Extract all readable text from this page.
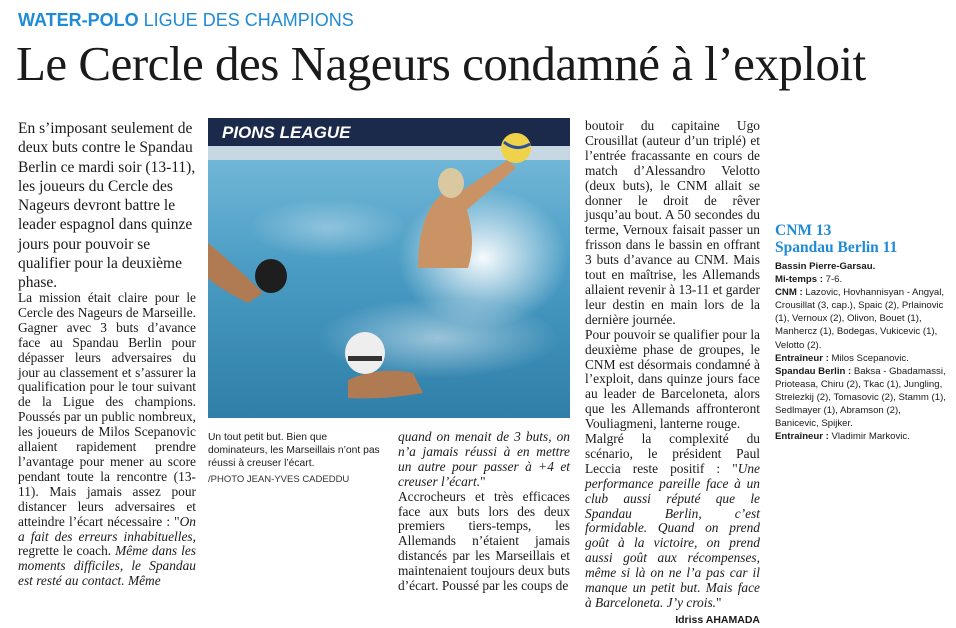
WATER-POLO LIGUE DES CHAMPIONS
Le Cercle des Nageurs condamné à l’exploit
En s’imposant seulement de deux buts contre le Spandau Berlin ce mardi soir (13-11), les joueurs du Cercle des Nageurs devront battre le leader espagnol dans quinze jours pour pouvoir se qualifier pour la deuxième phase.
La mission était claire pour le Cercle des Nageurs de Marseille. Gagner avec 3 buts d’avance face au Spandau Berlin pour dépasser leurs adversaires du jour au classement et s’assurer la qualification pour le tour suivant de la Ligue des champions. Poussés par un public nombreux, les joueurs de Milos Scepanovic allaient rapidement prendre l’avantage pour mener au score pendant toute la rencontre (13-11). Mais jamais assez pour distancer leurs adversaires et atteindre l’écart nécessaire : "On a fait des erreurs inhabituelles, regrette le coach. Même dans les moments difficiles, le Spandau est resté au contact. Même
PIONS LEAGUE
Un tout petit but. Bien que dominateurs, les Marseillais n’ont pas réussi à creuser l’écart.
/PHOTO JEAN-YVES CADEDDU
quand on menait de 3 buts, on n’a jamais réussi à en mettre un autre pour passer à +4 et creuser l’écart."
Accrocheurs et très efficaces face aux buts lors des deux premiers tiers-temps, les Allemands n’étaient jamais distancés par les Marseillais et maintenaient toujours deux buts d’écart. Poussé par les coups de
boutoir du capitaine Ugo Crousillat (auteur d’un triplé) et l’entrée fracassante en cours de match d’Alessandro Velotto (deux buts), le CNM allait se donner le droit de rêver jusqu’au bout. A 50 secondes du terme, Vernoux faisait passer un frisson dans le bassin en offrant 3 buts d’avance au CNM. Mais tout en maîtrise, les Allemands allaient revenir à 13-11 et garder leur destin en main lors de la dernière journée.
Pour pouvoir se qualifier pour la deuxième phase de groupes, le CNM est désormais condamné à l’exploit, dans quinze jours face au leader de Barceloneta, alors que les Allemands affronteront Vouliagmeni, lanterne rouge.
Malgré la complexité du scénario, le président Paul Leccia reste positif : "Une performance pareille face à un club aussi réputé que le Spandau Berlin, c’est formidable. Quand on prend goût à la victoire, on prend aussi goût aux récompenses, même si là on ne l’a pas car il manque un petit but. Mais face à Barceloneta. J’y crois."
Idriss AHAMADA
CNM 13
Spandau Berlin 11
Bassin Pierre-Garsau.
Mi-temps : 7-6.
CNM : Lazovic, Hovhannisyan - Angyal, Crousillat (3, cap.), Spaic (2), Prlainovic (1), Vernoux (2), Olivon, Bouet (1), Manhercz (1), Bodegas, Vukicevic (1), Velotto (2).
Entraîneur : Milos Scepanovic.
Spandau Berlin : Baksa - Gbadamassi, Prioteasa, Chiru (2), Tkac (1), Jungling, Strelezkij (2), Tomasovic (2), Stamm (1), Sedlmayer (1), Abramson (2), Banicevic, Spijker.
Entraîneur : Vladimir Markovic.
